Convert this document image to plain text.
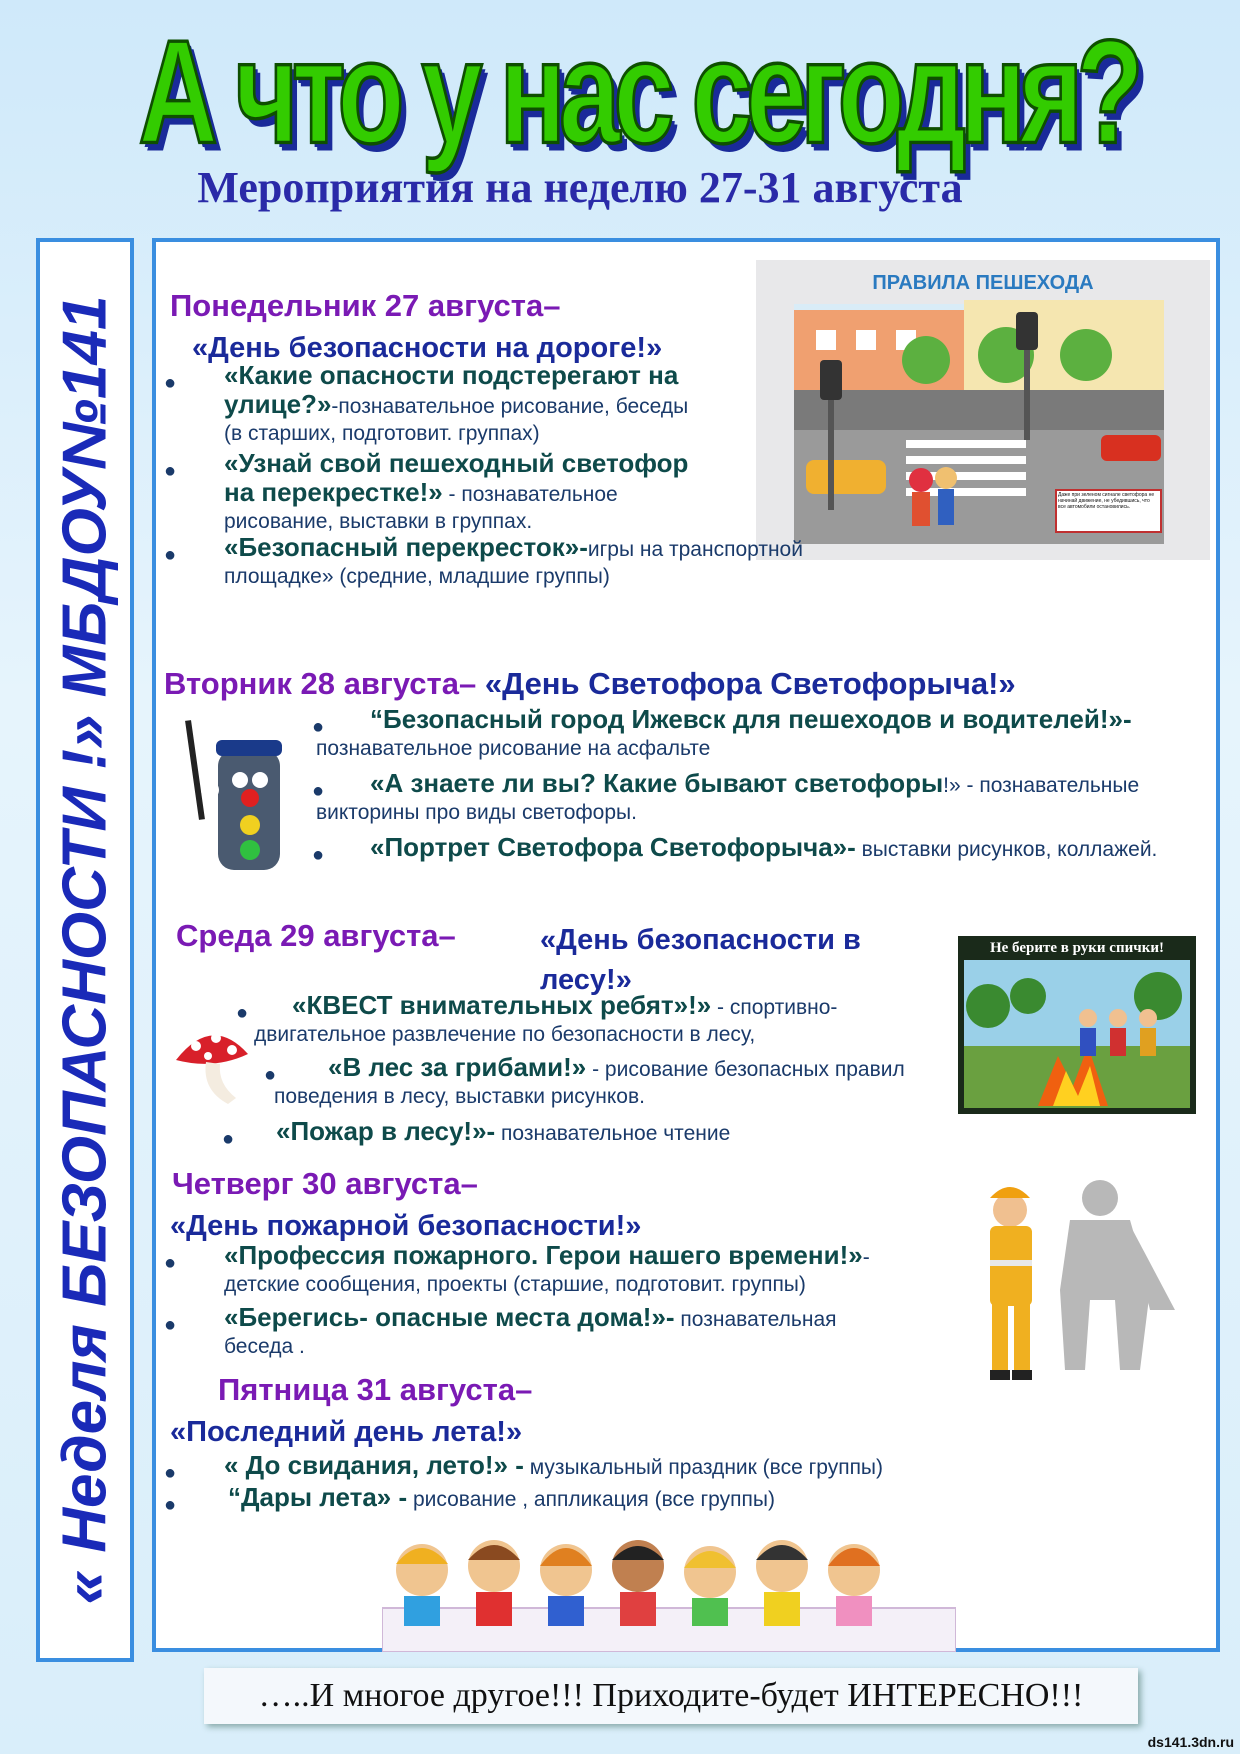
А что у нас сегодня?
Мероприятия на неделю 27-31 августа
« Неделя БЕЗОПАСНОСТИ !» МБДОУ№141
ПРАВИЛА ПЕШЕХОДА
Даже при зеленом сигнале светофора не начинай движение, не убедившись, что все автомобили остановились.
Понедельник 27 августа–
«День безопасности на дороге!»
● «Какие опасности подстерегают на улице?»-познавательное рисование, беседы (в старших, подготовит. группах)
● «Узнай свой пешеходный светофор на перекрестке!» - познавательное рисование, выставки в группах.
● «Безопасный перекресток»-игры на транспортной площадке» (средние, младшие группы)
Вторник 28 августа– «День Светофора Светофорыча!»
●	“Безопасный город Ижевск для пешеходов и водителей!»-познавательное рисование на асфальте
●	«А знаете ли вы? Какие бывают светофоры!» - познавательные викторины про виды светофоры.
●	«Портрет Светофора Светофорыча»- выставки рисунков, коллажей.
Среда 29 августа–	«День безопасности в лесу!»
Не берите в руки спички!
●	«КВЕСТ внимательных ребят»!» - спортивно-двигательное развлечение по безопасности в лесу,
●	«В лес за грибами!» - рисование безопасных правил поведения в лесу, выставки рисунков.
● «Пожар в лесу!»- познавательное чтение
Четверг 30 августа–
«День пожарной безопасности!»
● «Профессия пожарного. Герои нашего времени!»-детские сообщения, проекты (старшие, подготовит. группы)
● «Берегись- опасные места дома!»- познавательная беседа .
Пятница 31 августа–
«Последний день лета!»
● « До свидания, лето!» - музыкальный праздник (все группы)
● “Дары лета» - рисование , аппликация (все группы)
…..И многое другое!!! Приходите-будет ИНТЕРЕСНО!!!
ds141.3dn.ru
